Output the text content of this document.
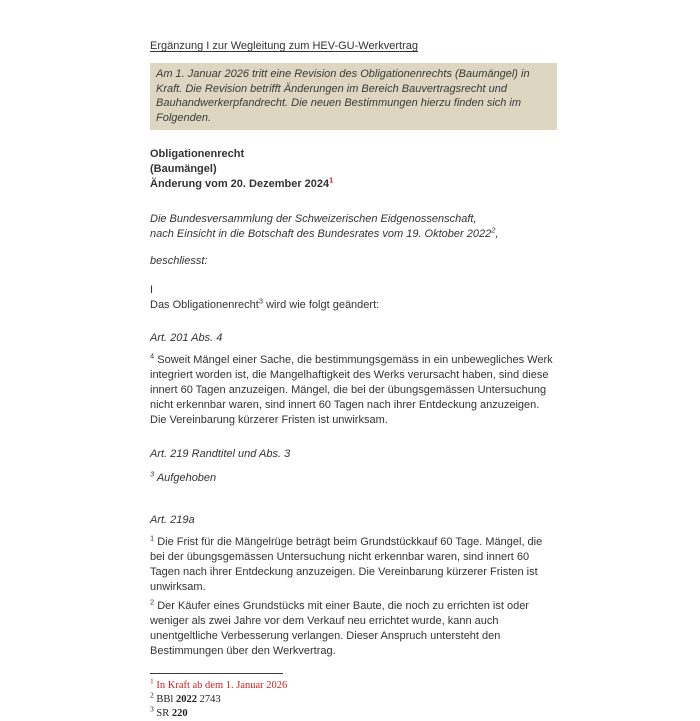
Ergänzung I zur Wegleitung zum HEV-GU-Werkvertrag
Am 1. Januar 2026 tritt eine Revision des Obligationenrechts (Baumängel) in Kraft. Die Revision betrifft Änderungen im Bereich Bauvertragsrecht und Bauhandwerkerpfandrecht. Die neuen Bestimmungen hierzu finden sich im Folgenden.
Obligationenrecht
(Baumängel)
Änderung vom 20. Dezember 2024$^1$
Die Bundesversammlung der Schweizerischen Eidgenossenschaft,
nach Einsicht in die Botschaft des Bundesrates vom 19. Oktober 2022$^2$,
beschliesst:
I
Das Obligationenrecht$^3$ wird wie folgt geändert:
Art. 201 Abs. 4
$^4$ Soweit Mängel einer Sache, die bestimmungsgemäss in ein unbewegliches Werk integriert worden ist, die Mangelhaftigkeit des Werks verursacht haben, sind diese innert 60 Tagen anzuzeigen. Mängel, die bei der übungsgemässen Untersuchung nicht erkennbar waren, sind innert 60 Tagen nach ihrer Entdeckung anzuzeigen. Die Vereinbarung kürzerer Fristen ist unwirksam.
Art. 219 Randtitel und Abs. 3
$^3$ Aufgehoben
Art. 219a
$^1$ Die Frist für die Mängelrüge beträgt beim Grundstückkauf 60 Tage. Mängel, die bei der übungsgemässen Untersuchung nicht erkennbar waren, sind innert 60 Tagen nach ihrer Entdeckung anzuzeigen. Die Vereinbarung kürzerer Fristen ist unwirksam.
$^2$ Der Käufer eines Grundstücks mit einer Baute, die noch zu errichten ist oder weniger als zwei Jahre vor dem Verkauf neu errichtet wurde, kann auch unentgeltliche Verbesserung verlangen. Dieser Anspruch untersteht den Bestimmungen über den Werkvertrag.
$^1$ In Kraft ab dem 1. Januar 2026
$^2$ BBl 2022 2743
$^3$ SR 220
